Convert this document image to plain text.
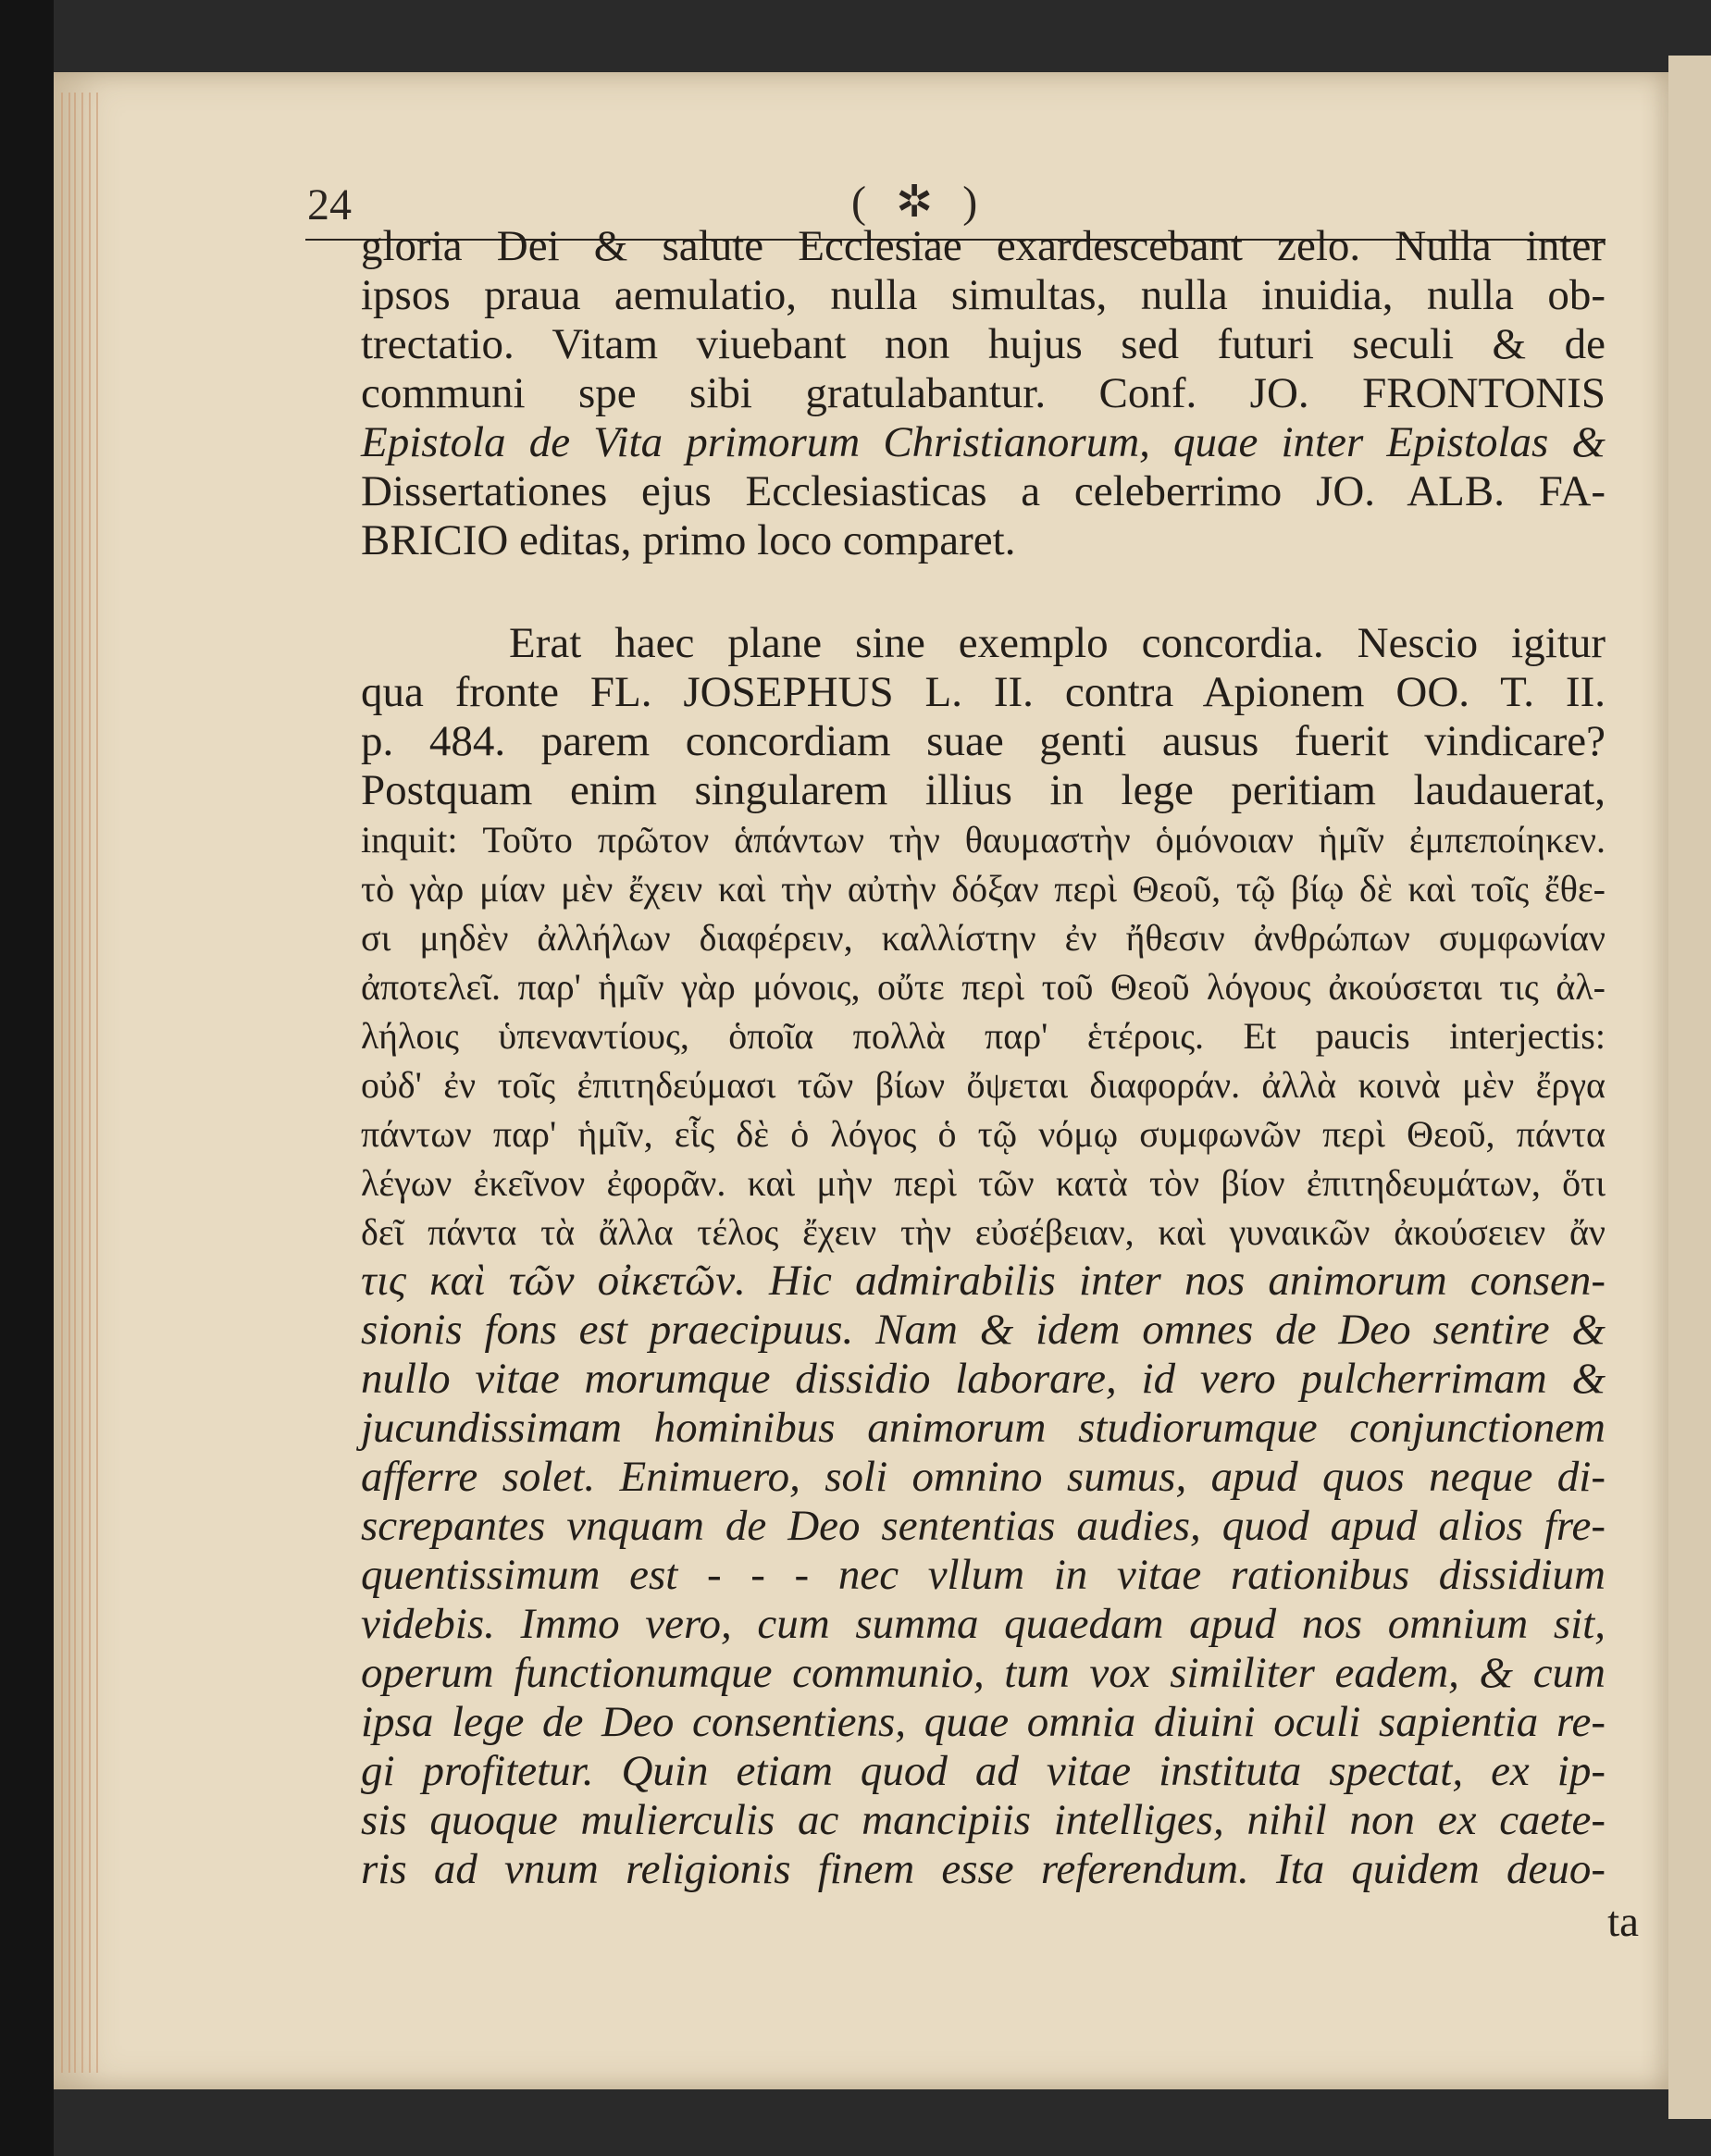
24	( ✲ )
gloria Dei & salute Ecclesiae exardescebant zelo. Nulla inter
ipsos praua aemulatio, nulla simultas, nulla inuidia, nulla ob-
trectatio. Vitam viuebant non hujus sed futuri seculi & de
communi spe sibi gratulabantur. Conf. JO. FRONTONIS
Epistola de Vita primorum Christianorum, quae inter Epistolas &
Dissertationes ejus Ecclesiasticas a celeberrimo JO. ALB. FA-
BRICIO editas, primo loco comparet.
Erat haec plane sine exemplo concordia. Nescio igitur
qua fronte FL. JOSEPHUS L. II. contra Apionem OO. T. II.
p. 484. parem concordiam suae genti ausus fuerit vindicare?
Postquam enim singularem illius in lege peritiam laudauerat,
inquit: Τοῦτο πρῶτον ἁπάντων τὴν θαυμαστὴν ὁμόνοιαν ἡμῖν ἐμπεποίηκεν.
τὸ γὰρ μίαν μὲν ἔχειν καὶ τὴν αὐτὴν δόξαν περὶ Θεοῦ, τῷ βίῳ δὲ καὶ τοῖς ἔθε-
σι μηδὲν ἀλλήλων διαφέρειν, καλλίστην ἐν ἤθεσιν ἀνθρώπων συμφωνίαν
ἀποτελεῖ. παρ' ἡμῖν γὰρ μόνοις, οὔτε περὶ τοῦ Θεοῦ λόγους ἀκούσεται τις ἀλ-
λήλοις ὑπεναντίους, ὁποῖα πολλὰ παρ' ἑτέροις. Et paucis interjectis:
οὐδ' ἐν τοῖς ἐπιτηδεύμασι τῶν βίων ὄψεται διαφοράν. ἀλλὰ κοινὰ μὲν ἔργα
πάντων παρ' ἡμῖν, εἷς δὲ ὁ λόγος ὁ τῷ νόμῳ συμφωνῶν περὶ Θεοῦ, πάντα
λέγων ἐκεῖνον ἐφορᾶν. καὶ μὴν περὶ τῶν κατὰ τὸν βίον ἐπιτηδευμάτων, ὅτι
δεῖ πάντα τὰ ἄλλα τέλος ἔχειν τὴν εὐσέβειαν, καὶ γυναικῶν ἀκούσειεν ἄν
τις καὶ τῶν οἰκετῶν. Hic admirabilis inter nos animorum consen-
sionis fons est praecipuus. Nam & idem omnes de Deo sentire &
nullo vitae morumque dissidio laborare, id vero pulcherrimam &
jucundissimam hominibus animorum studiorumque conjunctionem
afferre solet. Enimuero, soli omnino sumus, apud quos neque di-
screpantes vnquam de Deo sententias audies, quod apud alios fre-
quentissimum est - - - nec vllum in vitae rationibus dissidium
videbis. Immo vero, cum summa quaedam apud nos omnium sit,
operum functionumque communio, tum vox similiter eadem, & cum
ipsa lege de Deo consentiens, quae omnia diuini oculi sapientia re-
gi profitetur. Quin etiam quod ad vitae instituta spectat, ex ip-
sis quoque mulierculis ac mancipiis intelliges, nihil non ex caete-
ris ad vnum religionis finem esse referendum. Ita quidem deuo-
ta
